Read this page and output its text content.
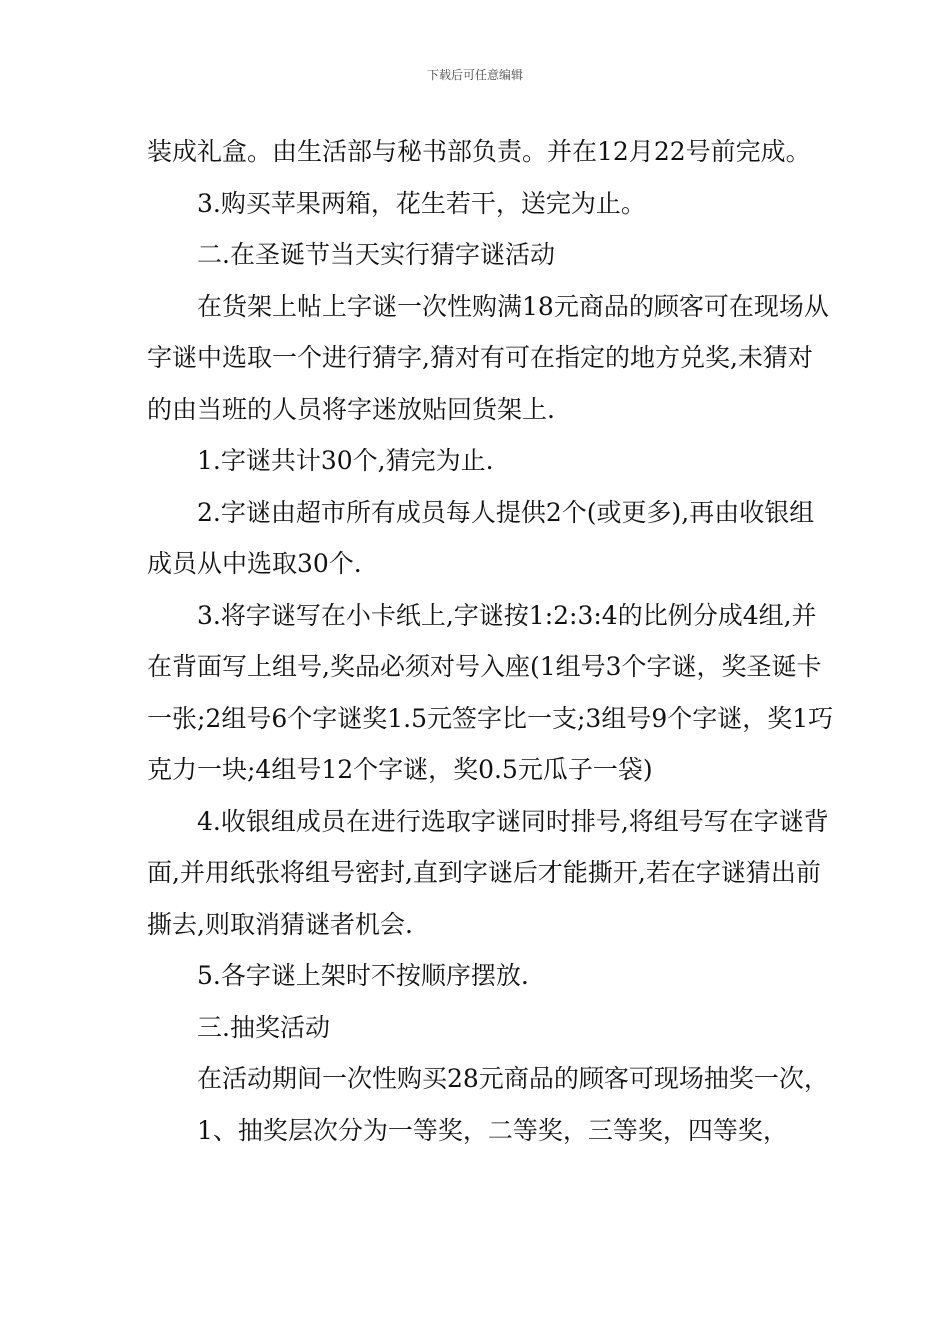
下载后可任意编辑

装成礼盒。由生活部与秘书部负责。并在12月22号前完成。

3.购买苹果两箱，花生若干，送完为止。

二.在圣诞节当天实行猜字谜活动

在货架上帖上字谜一次性购满18元商品的顾客可在现场从字谜中选取一个进行猜字,猜对有可在指定的地方兑奖,未猜对的由当班的人员将字迷放贴回货架上.

1.字谜共计30个,猜完为止.

2.字谜由超市所有成员每人提供2个(或更多),再由收银组成员从中选取30个.

3.将字谜写在小卡纸上,字谜按1:2:3:4的比例分成4组,并在背面写上组号,奖品必须对号入座(1组号3个字谜，奖圣诞卡一张;2组号6个字谜奖1.5元签字比一支;3组号9个字谜，奖1巧克力一块;4组号12个字谜，奖0.5元瓜子一袋)

4.收银组成员在进行选取字谜同时排号,将组号写在字谜背面,并用纸张将组号密封,直到字谜后才能撕开,若在字谜猜出前撕去,则取消猜谜者机会.

5.各字谜上架时不按顺序摆放.

三.抽奖活动

在活动期间一次性购买28元商品的顾客可现场抽奖一次，

1、抽奖层次分为一等奖，二等奖，三等奖，四等奖，
